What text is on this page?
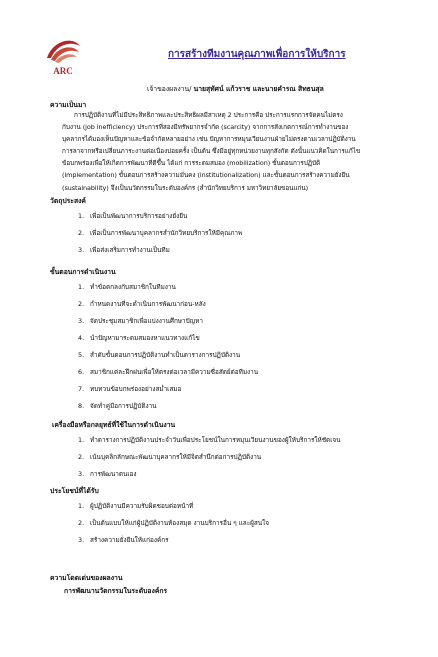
ARC
การสร้างทีมงานคุณภาพเพื่อการให้บริการ
เจ้าของผลงาน/ นายสุทัศน์ แก้วราช และนายคำรณ สิทธนสุล
ความเป็นมา
การปฏิบัติงานที่ไม่มีประสิทธิภาพและประสิทธิผลมีสาเหตุ 2 ประการคือ ประการแรกการจัดคนไม่ตรง
กับงาน (job inefficiency) ประการที่สองมีทรัพยากรจำกัด (scarcity) จากการสังเกตการณ์การทำงานของ
บุคลากรได้มองเห็นปัญหาและข้อจำกัดหลายอย่าง เช่น ปัญหาการหมุนเวียนงานฝ่ายไม่ตรงตามเวลาปฏิบัติงาน
การลาจากหรือเปลี่ยนภาระงานต่อเนื่องบ่อยครั้ง เป็นต้น ซึ่งมีอยู่ทุกหน่วยงานทุกสังกัด ดังนั้นแนวคิดในการแก้ไข
ข้อบกพร่องเพื่อให้เกิดการพัฒนาที่ดีขึ้น ได้แก่ การระดมสมอง (mobilization) ขั้นตอนการปฏิบัติ
(implementation) ขั้นตอนการสร้างความมั่นคง (institutionalization) และขั้นตอนการสร้างความยั่งยืน
(sustainability) จึงเป็นนวัตกรรมในระดับองค์กร (สำนักวิทยบริการ มหาวิทยาลัยขอนแก่น)
วัตถุประสงค์
1. เพื่อเป็นพัฒนาการบริการอย่างยั่งยืน
2. เพื่อเป็นการพัฒนาบุคลากรสำนักวิทยบริการให้มีคุณภาพ
3. เพื่อส่งเสริมการทำงานเป็นทีม
ขั้นตอนการดำเนินงาน
1. ทำข้อตกลงกับสมาชิกในทีมงาน
2. กำหนดงานที่จะดำเนินการพัฒนาก่อน-หลัง
3. จัดประชุมสมาชิกเพื่อแบ่งงานศึกษาปัญหา
4. นำปัญหามาระดมสมองหาแนวทางแก้ไข
5. สำดับขั้นตอนการปฏิบัติงานทำเป็นตารางการปฏิบัติงาน
6. สมาชิกแต่ละฝึกฝนเพื่อให้ตรงต่อเวลามีความซื่อสัตย์ต่อทีมงาน
7. ทบทวนข้อบกพร่องอย่างสม่ำเสมอ
8. จัดทำคู่มือการปฏิบัติงาน
เครื่องมือหรือกลยุทธ์ที่ใช้ในการดำเนินงาน
1. ทำตารางการปฏิบัติงานประจำวันเพื่อประโยชน์ในการหมุนเวียนงานของผู้ให้บริการให้ชัดเจน
2. เน้นบุคลิกลักษณะพัฒนาบุคลากรให้มีจิตสำนึกต่อการปฏิบัติงาน
3. การพัฒนาตนเอง
ประโยชน์ที่ได้รับ
1. ผู้ปฏิบัติงานมีความรับผิดชอบต่อหน้าที่
2. เป็นต้นแบบให้แก่ผู้ปฏิบัติงานห้องสมุด งานบริการอื่น ๆ และผู้สนใจ
3. สร้างความยั่งยืนให้แก่องค์กร
ความโดดเด่นของผลงาน
การพัฒนานวัตกรรมในระดับองค์กร
